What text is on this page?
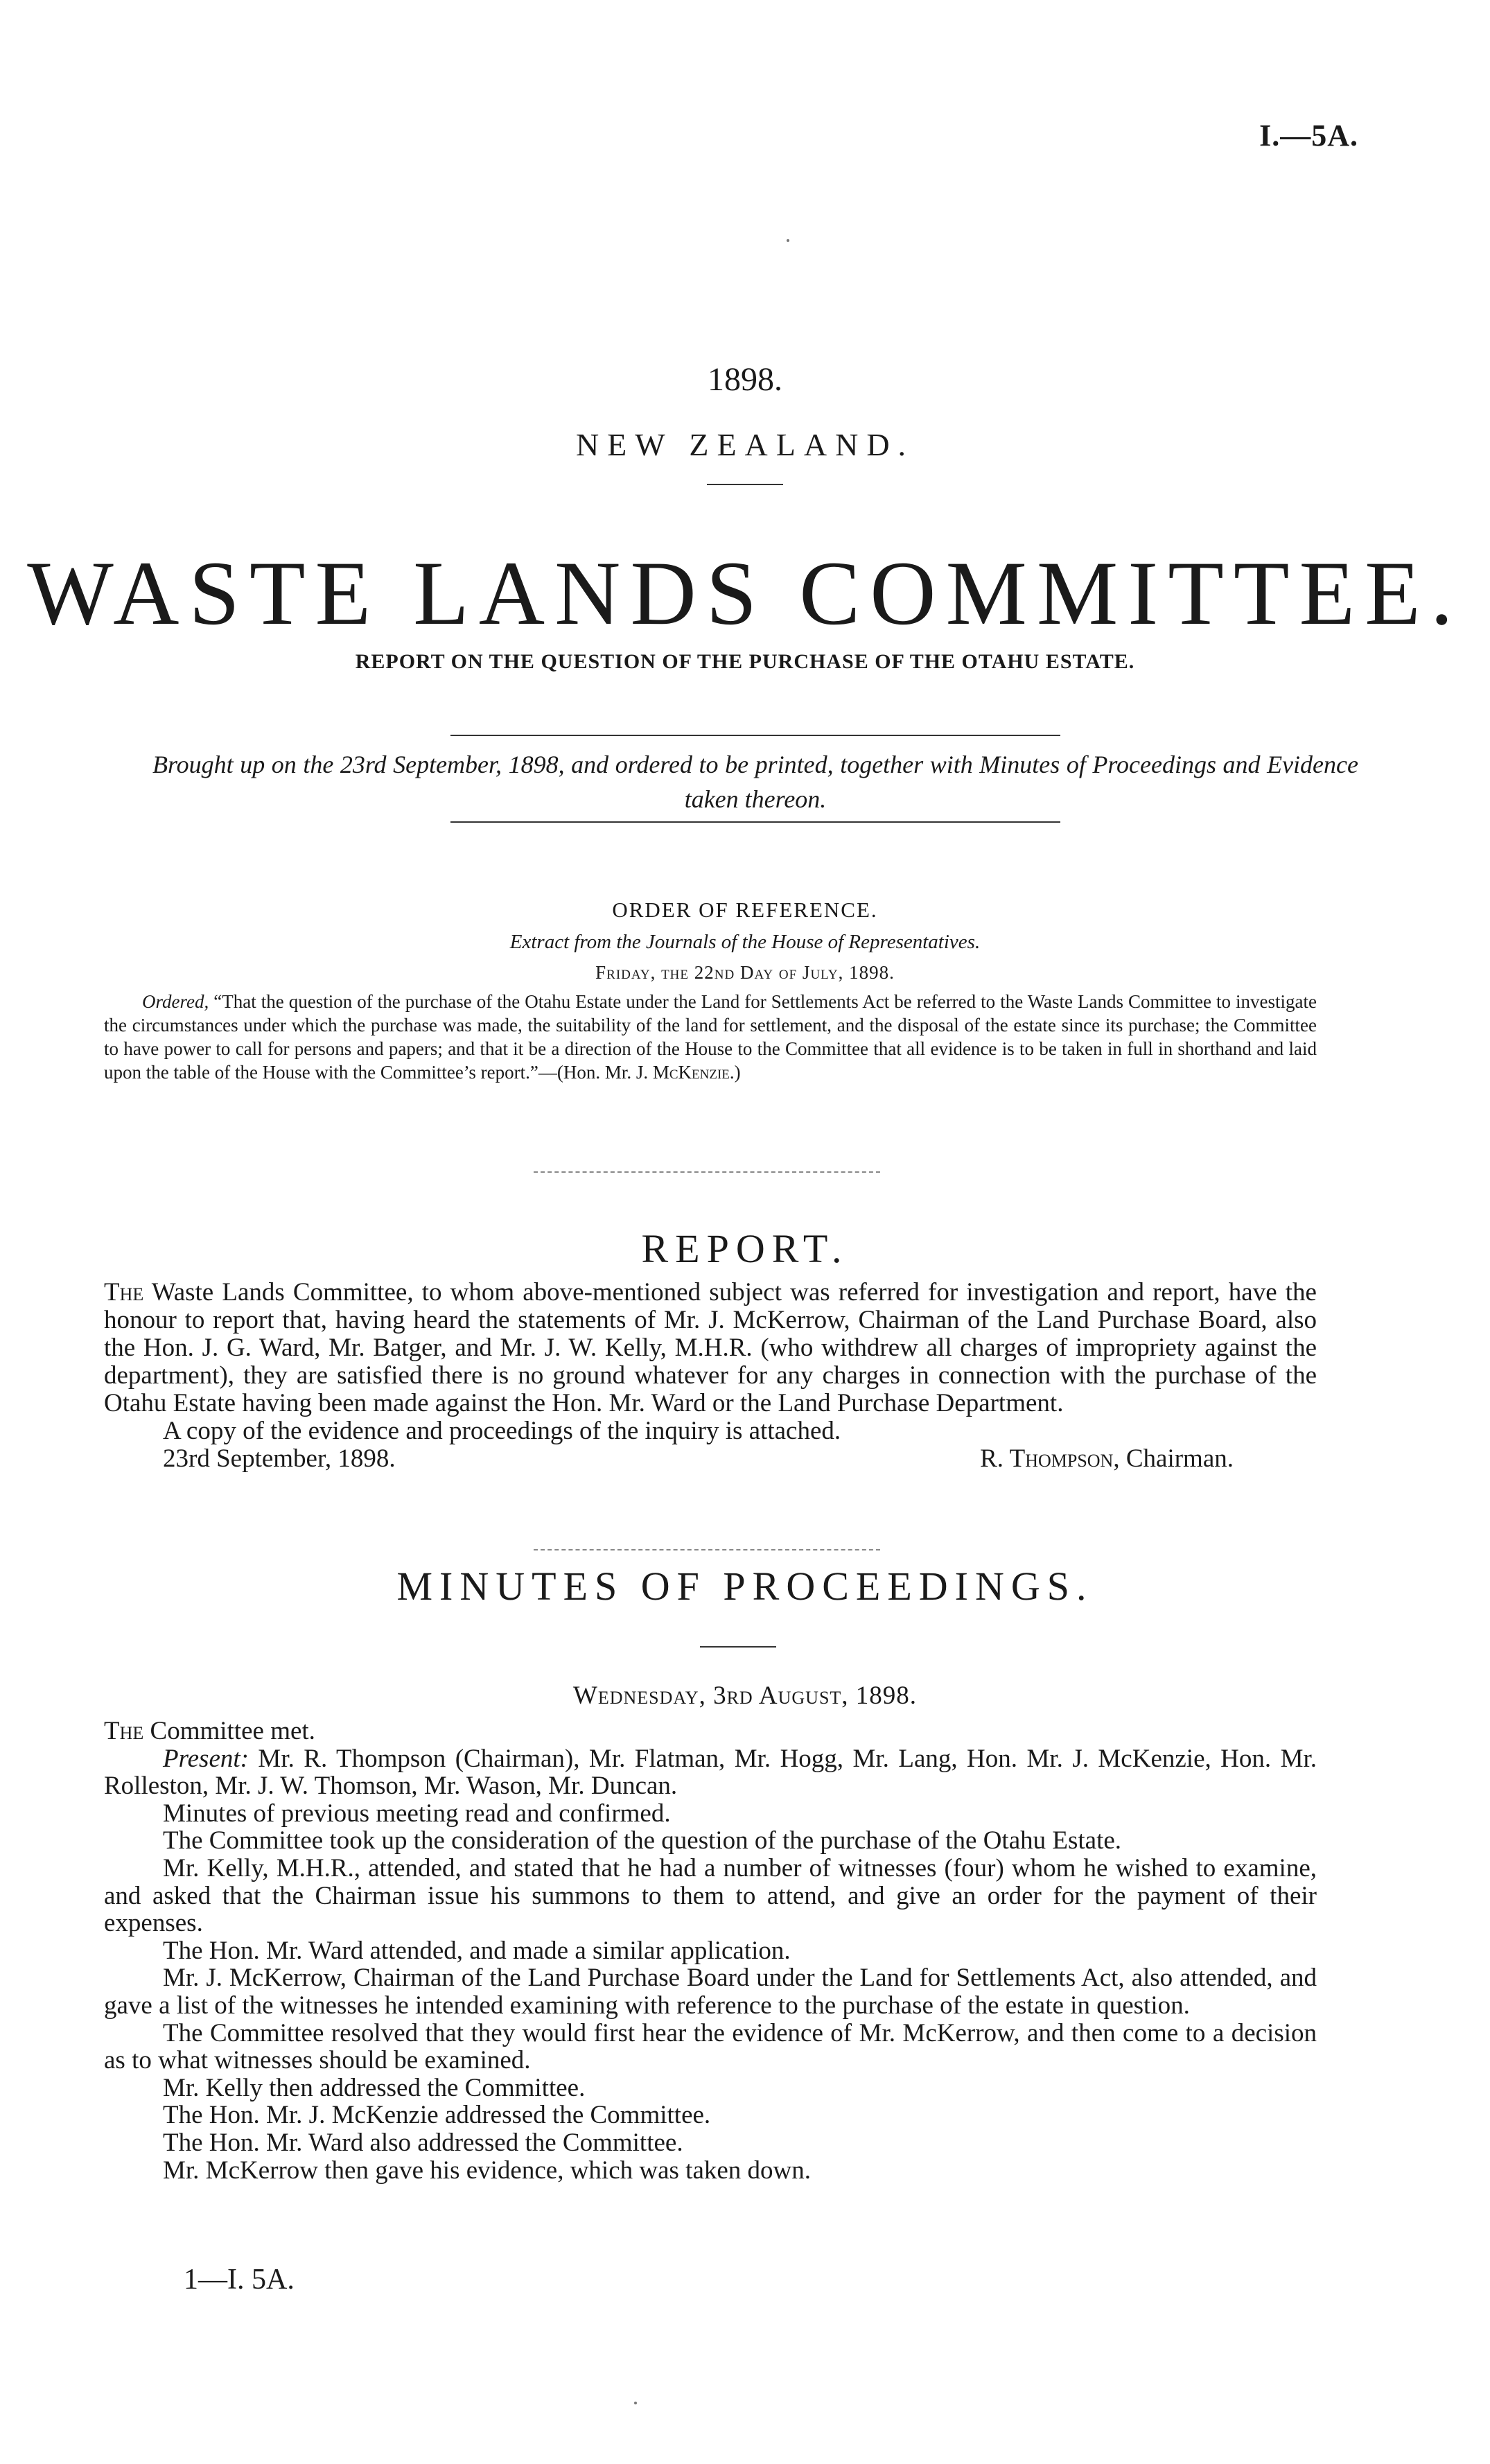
I.—5A.
1898.
NEW ZEALAND.
WASTE LANDS COMMITTEE.
REPORT ON THE QUESTION OF THE PURCHASE OF THE OTAHU ESTATE.
Brought up on the 23rd September, 1898, and ordered to be printed, together with Minutes of Proceedings and Evidence taken thereon.
ORDER OF REFERENCE.
Extract from the Journals of the House of Representatives.
Friday, the 22nd Day of July, 1898.
Ordered, “That the question of the purchase of the Otahu Estate under the Land for Settlements Act be referred to the Waste Lands Committee to investigate the circumstances under which the purchase was made, the suitability of the land for settlement, and the disposal of the estate since its purchase; the Committee to have power to call for persons and papers; and that it be a direction of the House to the Committee that all evidence is to be taken in full in shorthand and laid upon the table of the House with the Committee’s report.”—(Hon. Mr. J. McKenzie.)
REPORT.
The Waste Lands Committee, to whom above-mentioned subject was referred for investigation and report, have the honour to report that, having heard the statements of Mr. J. McKerrow, Chairman of the Land Purchase Board, also the Hon. J. G. Ward, Mr. Batger, and Mr. J. W. Kelly, M.H.R. (who withdrew all charges of impropriety against the department), they are satisfied there is no ground whatever for any charges in connection with the purchase of the Otahu Estate having been made against the Hon. Mr. Ward or the Land Purchase Department.
A copy of the evidence and proceedings of the inquiry is attached.
23rd September, 1898.	R. Thompson, Chairman.
MINUTES OF PROCEEDINGS.
Wednesday, 3rd August, 1898.

The Committee met.

Present: Mr. R. Thompson (Chairman), Mr. Flatman, Mr. Hogg, Mr. Lang, Hon. Mr. J. McKenzie, Hon. Mr. Rolleston, Mr. J. W. Thomson, Mr. Wason, Mr. Duncan.

Minutes of previous meeting read and confirmed.

The Committee took up the consideration of the question of the purchase of the Otahu Estate.

Mr. Kelly, M.H.R., attended, and stated that he had a number of witnesses (four) whom he wished to examine, and asked that the Chairman issue his summons to them to attend, and give an order for the payment of their expenses.

The Hon. Mr. Ward attended, and made a similar application.

Mr. J. McKerrow, Chairman of the Land Purchase Board under the Land for Settlements Act, also attended, and gave a list of the witnesses he intended examining with reference to the purchase of the estate in question.

The Committee resolved that they would first hear the evidence of Mr. McKerrow, and then come to a decision as to what witnesses should be examined.

Mr. Kelly then addressed the Committee.

The Hon. Mr. J. McKenzie addressed the Committee.

The Hon. Mr. Ward also addressed the Committee.

Mr. McKerrow then gave his evidence, which was taken down.

1—I. 5A.
